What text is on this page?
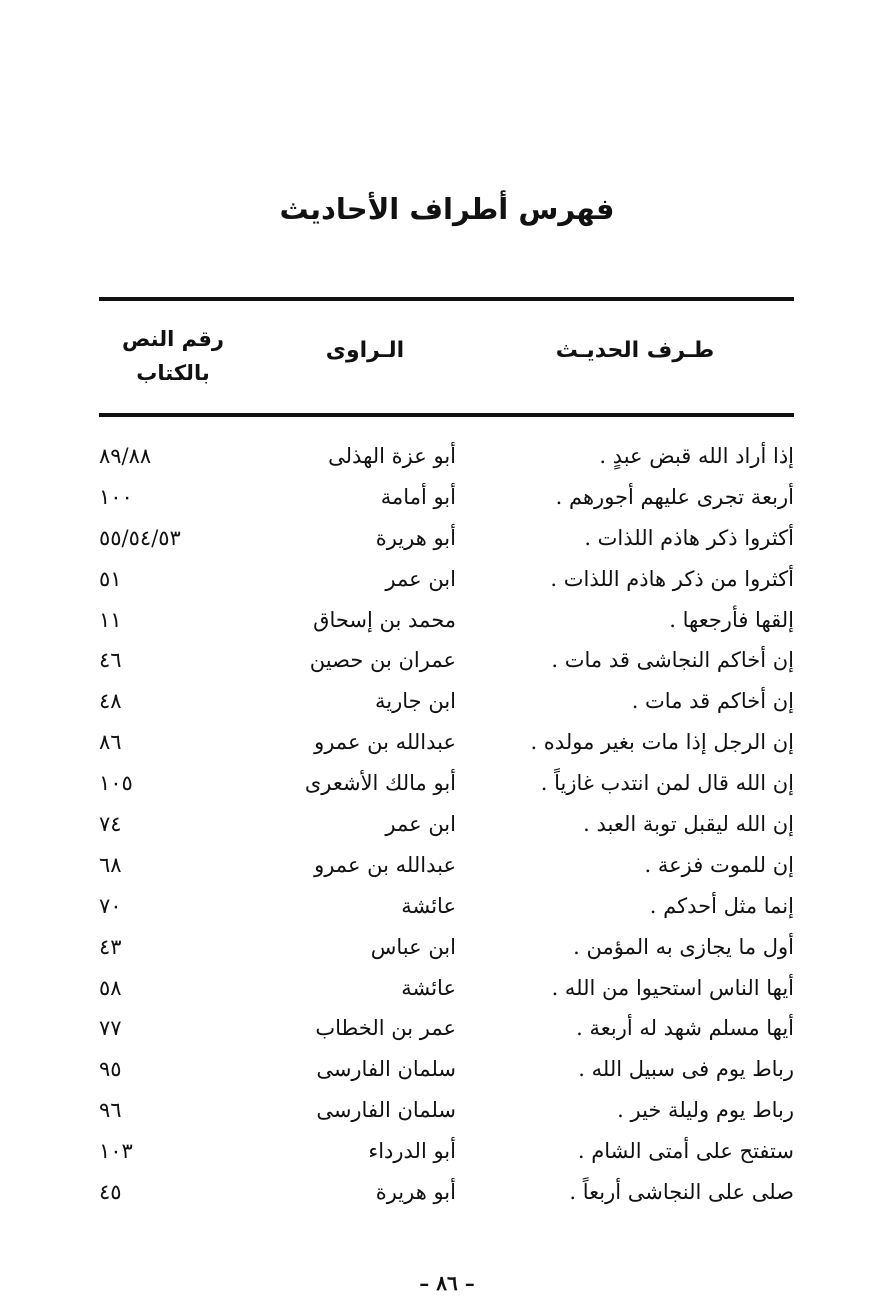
فهرس أطراف الأحاديث
طـرف الحديـث
الـراوى
رقم النص
بالكتاب
إذا أراد الله قبض عبدٍ .
أبو عزة الهذلى
٨٩/٨٨
أربعة تجرى عليهم أجورهم .
أبو أمامة
١٠٠
أكثروا ذكر هاذم اللذات .
أبو هريرة
٥٥/٥٤/٥٣
أكثروا من ذكر هاذم اللذات .
ابن عمر
٥١
إلقها فأرجعها .
محمد بن إسحاق
١١
إن أخاكم النجاشى قد مات .
عمران بن حصين
٤٦
إن أخاكم قد مات .
ابن جارية
٤٨
إن الرجل إذا مات بغير مولده .
عبدالله بن عمرو
٨٦
إن الله قال لمن انتدب غازياً .
أبو مالك الأشعرى
١٠٥
إن الله ليقبل توبة العبد .
ابن عمر
٧٤
إن للموت فزعة .
عبدالله بن عمرو
٦٨
إنما مثل أحدكم .
عائشة
٧٠
أول ما يجازى به المؤمن .
ابن عباس
٤٣
أيها الناس استحيوا من الله .
عائشة
٥٨
أيها مسلم شهد له أربعة .
عمر بن الخطاب
٧٧
رباط يوم فى سبيل الله .
سلمان الفارسى
٩٥
رباط يوم وليلة خير .
سلمان الفارسى
٩٦
ستفتح على أمتى الشام .
أبو الدرداء
١٠٣
صلى على النجاشى أربعاً .
أبو هريرة
٤٥
– ٨٦ –
